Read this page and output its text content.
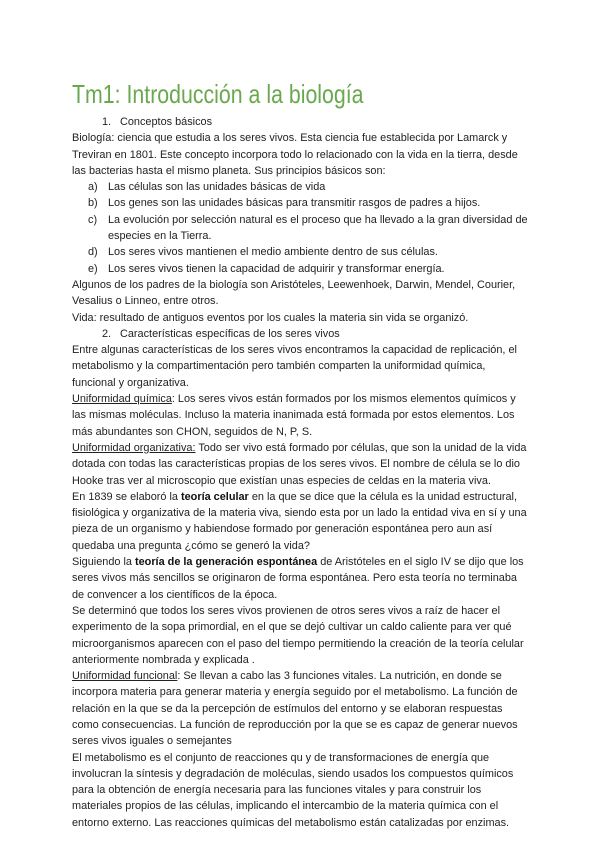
Tm1: Introducción a la biología

1. Conceptos básicos

Biología: ciencia que estudia a los seres vivos. Esta ciencia fue establecida por Lamarck y Treviran en 1801. Este concepto incorpora todo lo relacionado con la vida en la tierra, desde las bacterias hasta el mismo planeta. Sus principios básicos son:

a) Las células son las unidades básicas de vida

b) Los genes son las unidades básicas para transmitir rasgos de padres a hijos.

c) La evolución por selección natural es el proceso que ha llevado a la gran diversidad de especies en la Tierra.

d) Los seres vivos mantienen el medio ambiente dentro de sus células.

e) Los seres vivos tienen la capacidad de adquirir y transformar energía.

Algunos de los padres de la biología son Aristóteles, Leewenhoek, Darwin, Mendel, Courier, Vesalius o Linneo, entre otros.

Vida: resultado de antiguos eventos por los cuales la materia sin vida se organizó.

2. Características específicas de los seres vivos

Entre algunas características de los seres vivos encontramos la capacidad de replicación, el metabolismo y la compartimentación pero también comparten la uniformidad química, funcional y organizativa.

Uniformidad química: Los seres vivos están formados por los mismos elementos químicos y las mismas moléculas. Incluso la materia inanimada está formada por estos elementos. Los más abundantes son CHON, seguidos de N, P, S.

Uniformidad organizativa: Todo ser vivo está formado por células, que son la unidad de la vida dotada con todas las características propias de los seres vivos. El nombre de célula se lo dio Hooke tras ver al microscopio que existían unas especies de celdas en la materia viva.

En 1839 se elaboró la teoría celular en la que se dice que la célula es la unidad estructural, fisiológica y organizativa de la materia viva, siendo esta por un lado la entidad viva en sí y una pieza de un organismo y habiendose formado por generación espontánea pero aun así quedaba una pregunta ¿cómo se generó la vida?

Siguiendo la teoría de la generación espontánea de Aristóteles en el siglo IV se dijo que los seres vivos más sencillos se originaron de forma espontánea. Pero esta teoría no terminaba de convencer a los científicos de la época.

Se determinó que todos los seres vivos provienen de otros seres vivos a raíz de hacer el experimento de la sopa primordial, en el que se dejó cultivar un caldo caliente para ver qué microorganismos aparecen con el paso del tiempo permitiendo la creación de la teoría celular anteriormente nombrada y explicada .

Uniformidad funcional: Se llevan a cabo las 3 funciones vitales. La nutrición, en donde se incorpora materia para generar materia y energía seguido por el metabolismo. La función de relación en la que se da la percepción de estímulos del entorno y se elaboran respuestas como consecuencias. La función de reproducción por la que se es capaz de generar nuevos seres vivos iguales o semejantes

El metabolismo es el conjunto de reacciones qu y de transformaciones de energía que involucran la síntesis y degradación de moléculas, siendo usados los compuestos químicos para la obtención de energía necesaria para las funciones vitales y para construir los materiales propios de las células, implicando el intercambio de la materia química con el entorno externo. Las reacciones químicas del metabolismo están catalizadas por enzimas.
